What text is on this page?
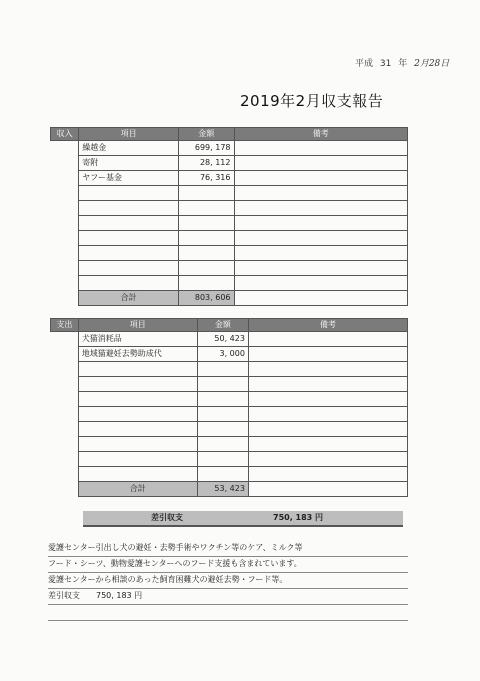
平成 31 年 2月28日
2019年2月収支報告
収入	項目	金額	備考
	繰越金	699, 178	
	寄附	28, 112	
	ヤフー基金	76, 316	

	合計	803, 606	
支出	項目	金額	備考
	犬猫消耗品	50, 423	
	地域猫避妊去勢助成代	3, 000	

	合計	53, 423	
差引収支	750, 183 円
愛護センター引出し犬の避妊・去勢手術やワクチン等のケア、ミルク等
フード・シーツ、動物愛護センターへのフード支援も含まれています。
愛護センターから相談のあった飼育困難犬の避妊去勢・フード等。
差引収支　　750, 183 円
